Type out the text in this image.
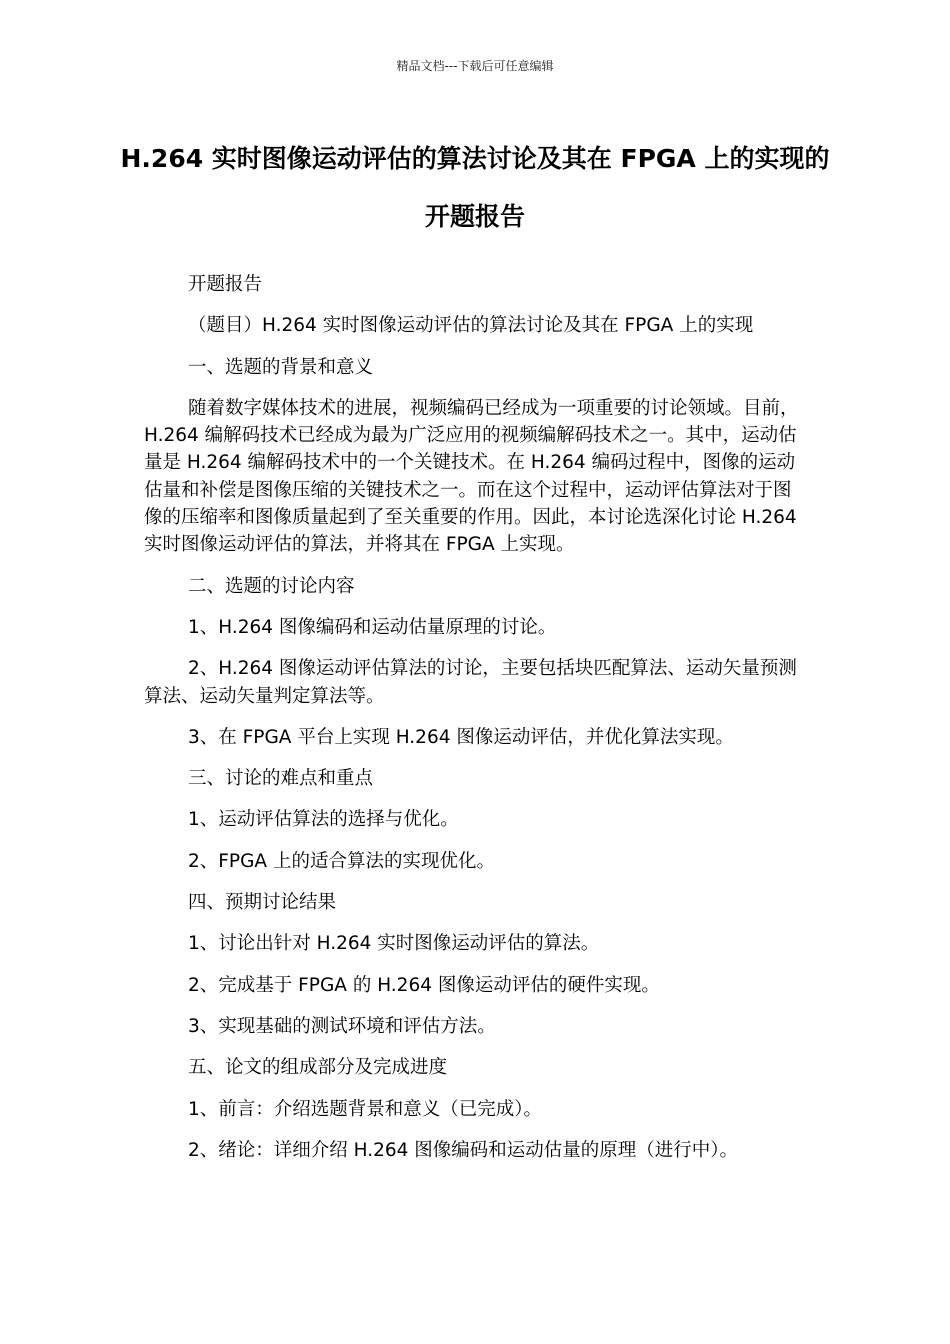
精品文档---下载后可任意编辑
H.264 实时图像运动评估的算法讨论及其在 FPGA 上的实现的开题报告

开题报告

（题目）H.264 实时图像运动评估的算法讨论及其在 FPGA 上的实现

一、选题的背景和意义

随着数字媒体技术的进展，视频编码已经成为一项重要的讨论领域。目前，H.264 编解码技术已经成为最为广泛应用的视频编解码技术之一。其中，运动估量是 H.264 编解码技术中的一个关键技术。在 H.264 编码过程中，图像的运动估量和补偿是图像压缩的关键技术之一。而在这个过程中，运动评估算法对于图像的压缩率和图像质量起到了至关重要的作用。因此，本讨论选深化讨论 H.264 实时图像运动评估的算法，并将其在 FPGA 上实现。

二、选题的讨论内容

1、H.264 图像编码和运动估量原理的讨论。

2、H.264 图像运动评估算法的讨论，主要包括块匹配算法、运动矢量预测算法、运动矢量判定算法等。

3、在 FPGA 平台上实现 H.264 图像运动评估，并优化算法实现。

三、讨论的难点和重点

1、运动评估算法的选择与优化。

2、FPGA 上的适合算法的实现优化。

四、预期讨论结果

1、讨论出针对 H.264 实时图像运动评估的算法。

2、完成基于 FPGA 的 H.264 图像运动评估的硬件实现。

3、实现基础的测试环境和评估方法。

五、论文的组成部分及完成进度

1、前言：介绍选题背景和意义（已完成）。

2、绪论：详细介绍 H.264 图像编码和运动估量的原理（进行中）。
